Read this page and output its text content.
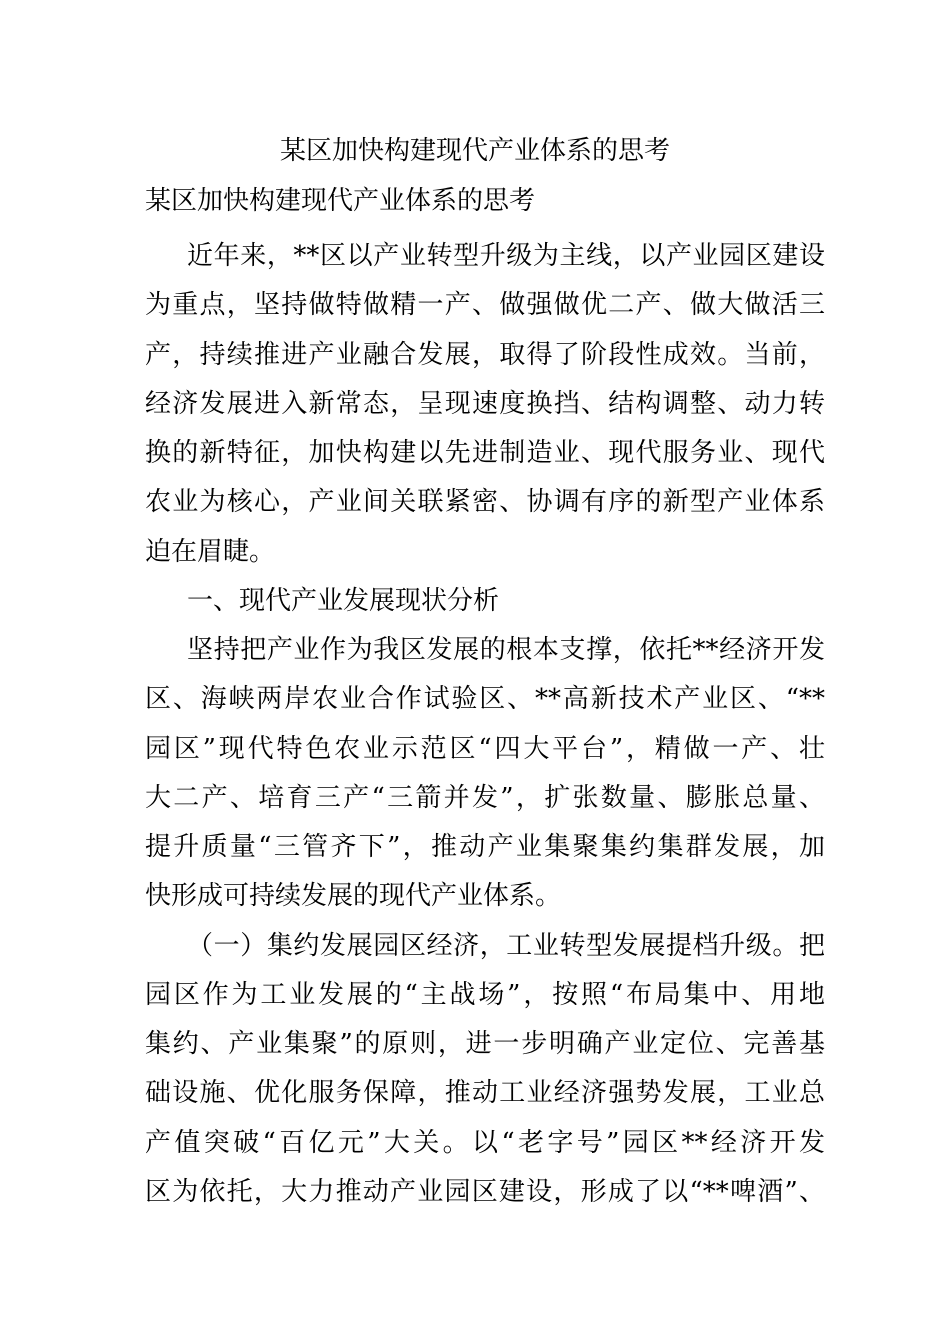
某区加快构建现代产业体系的思考
某区加快构建现代产业体系的思考
近年来，**区以产业转型升级为主线，以产业园区建设
为重点，坚持做特做精一产、做强做优二产、做大做活三
产，持续推进产业融合发展，取得了阶段性成效。当前，
经济发展进入新常态，呈现速度换挡、结构调整、动力转
换的新特征，加快构建以先进制造业、现代服务业、现代
农业为核心，产业间关联紧密、协调有序的新型产业体系
迫在眉睫。
一、现代产业发展现状分析
坚持把产业作为我区发展的根本支撑，依托**经济开发
区、海峡两岸农业合作试验区、**高新技术产业区、“**
园区”现代特色农业示范区“四大平台”，精做一产、壮
大二产、培育三产“三箭并发”，扩张数量、膨胀总量、
提升质量“三管齐下”，推动产业集聚集约集群发展，加
快形成可持续发展的现代产业体系。
（一）集约发展园区经济，工业转型发展提档升级。把
园区作为工业发展的“主战场”，按照“布局集中、用地
集约、产业集聚”的原则，进一步明确产业定位、完善基
础设施、优化服务保障，推动工业经济强势发展，工业总
产值突破“百亿元”大关。以“老字号”园区**经济开发
区为依托，大力推动产业园区建设，形成了以“**啤酒”、
